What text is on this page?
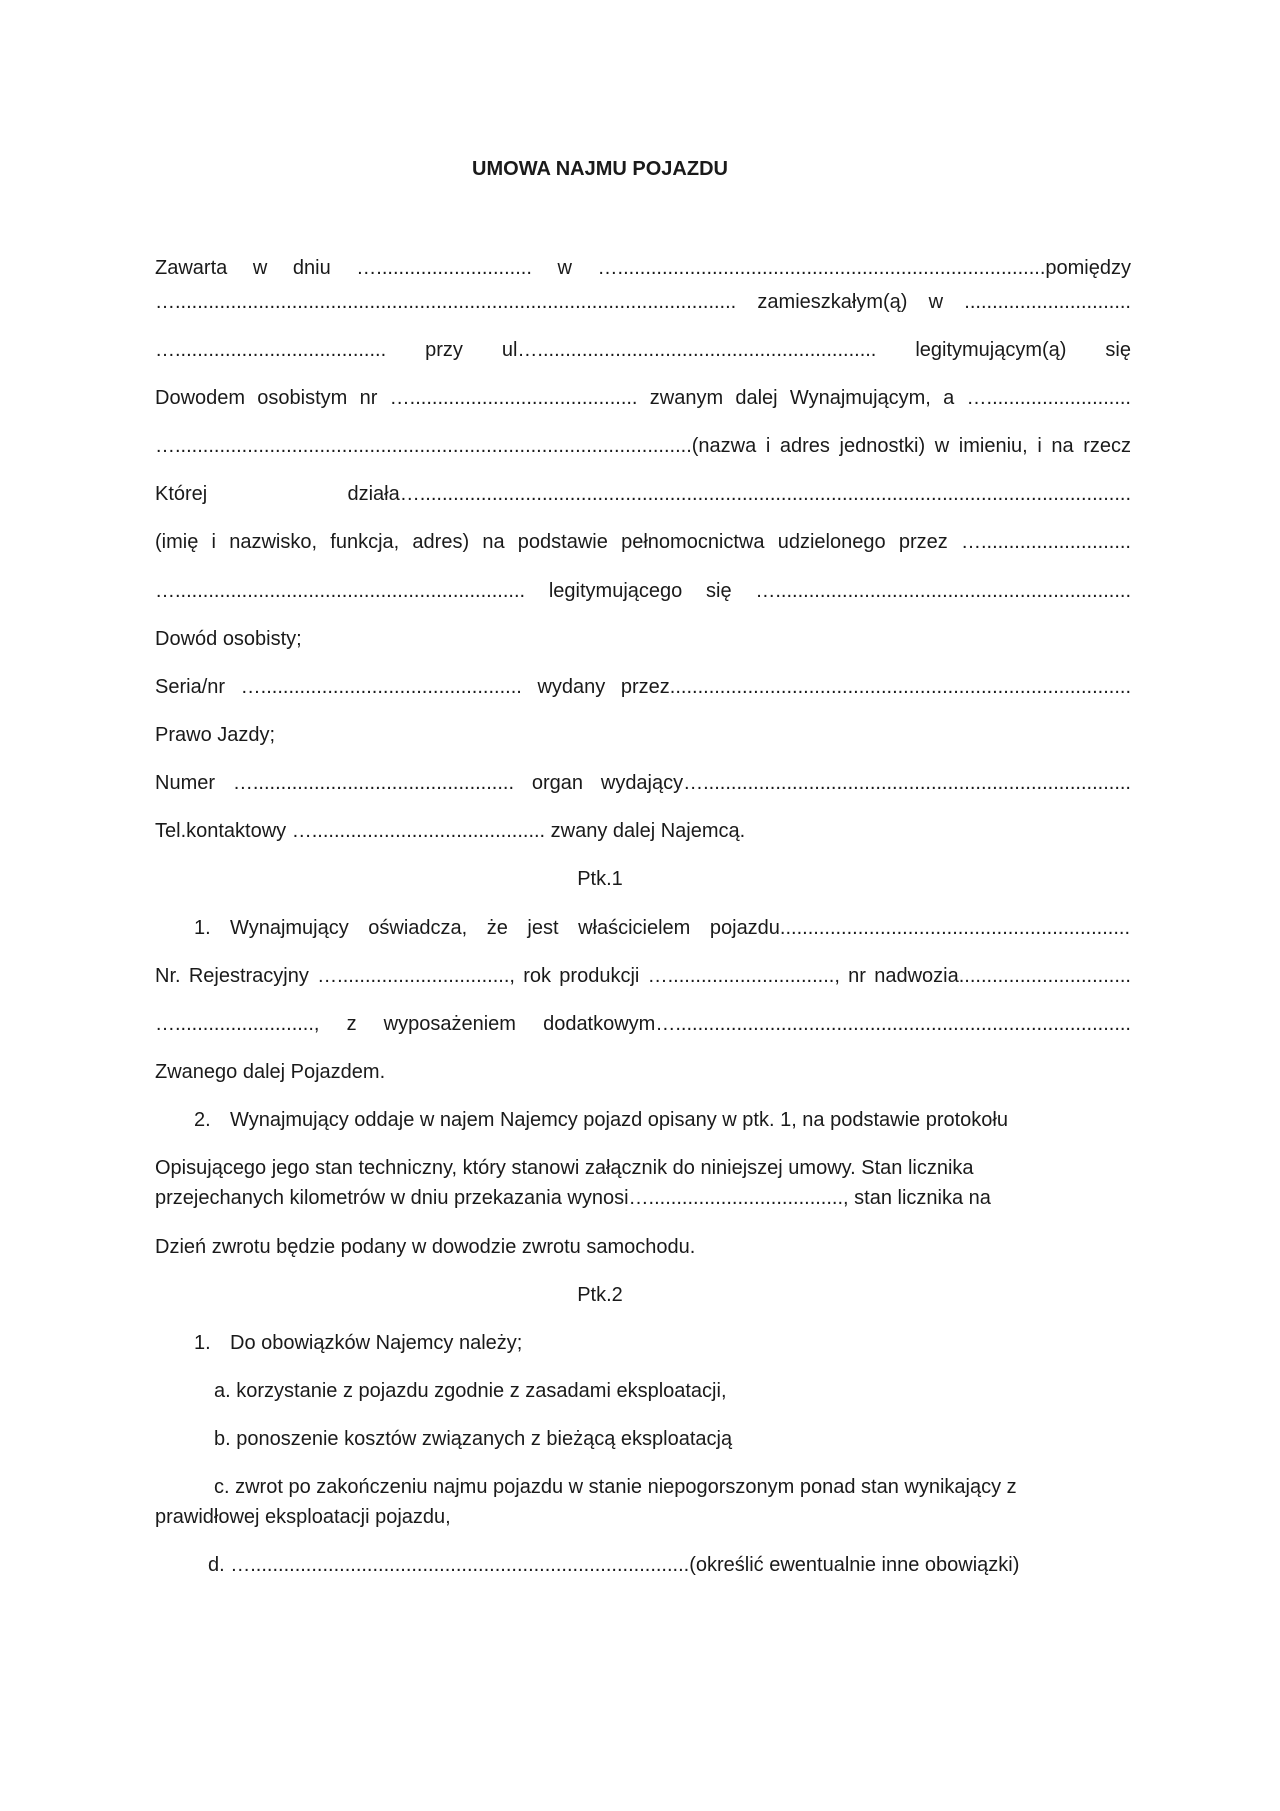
UMOWA NAJMU POJAZDU
Zawarta w dniu …............................ w ….............................................................................pomiędzy
…..................................................................................................... zamieszkałym(ą) w ..............................
…...................................... przy ul…............................................................. legitymującym(ą) się
Dowodem osobistym nr …......................................... zwanym dalej Wynajmującym, a …..........................
….............................................................................................(nazwa i adres jednostki) w imieniu, i na rzecz
Której działa…................................................................................................................................
(imię i nazwisko, funkcja, adres) na podstawie pełnomocnictwa udzielonego przez …...........................
…............................................................... legitymującego się …................................................................
Dowód osobisty;
Seria/nr …............................................... wydany przez...................................................................................
Prawo Jazdy;
Numer …............................................... organ wydający….............................................................................
Tel.kontaktowy ….......................................... zwany dalej Najemcą.
Ptk.1
1. Wynajmujący oświadcza, że jest właścicielem pojazdu...............................................................
Nr. Rejestracyjny …..............................., rok produkcji ….............................., nr nadwozia...............................
…........................., z wyposażeniem dodatkowym…..................................................................................
Zwanego dalej Pojazdem.
2. Wynajmujący oddaje w najem Najemcy pojazd opisany w ptk. 1, na podstawie protokołu
Opisującego jego stan techniczny, który stanowi załącznik do niniejszej umowy. Stan licznika
przejechanych kilometrów w dniu przekazania wynosi…..................................., stan licznika na
Dzień zwrotu będzie podany w dowodzie zwrotu samochodu.
Ptk.2
1. Do obowiązków Najemcy należy;
a. korzystanie z pojazdu zgodnie z zasadami eksploatacji,
b. ponoszenie kosztów związanych z bieżącą eksploatacją
c. zwrot po zakończeniu najmu pojazdu w stanie niepogorszonym ponad stan wynikający z
prawidłowej eksploatacji pojazdu,
d. …...............................................................................(określić ewentualnie inne obowiązki)
